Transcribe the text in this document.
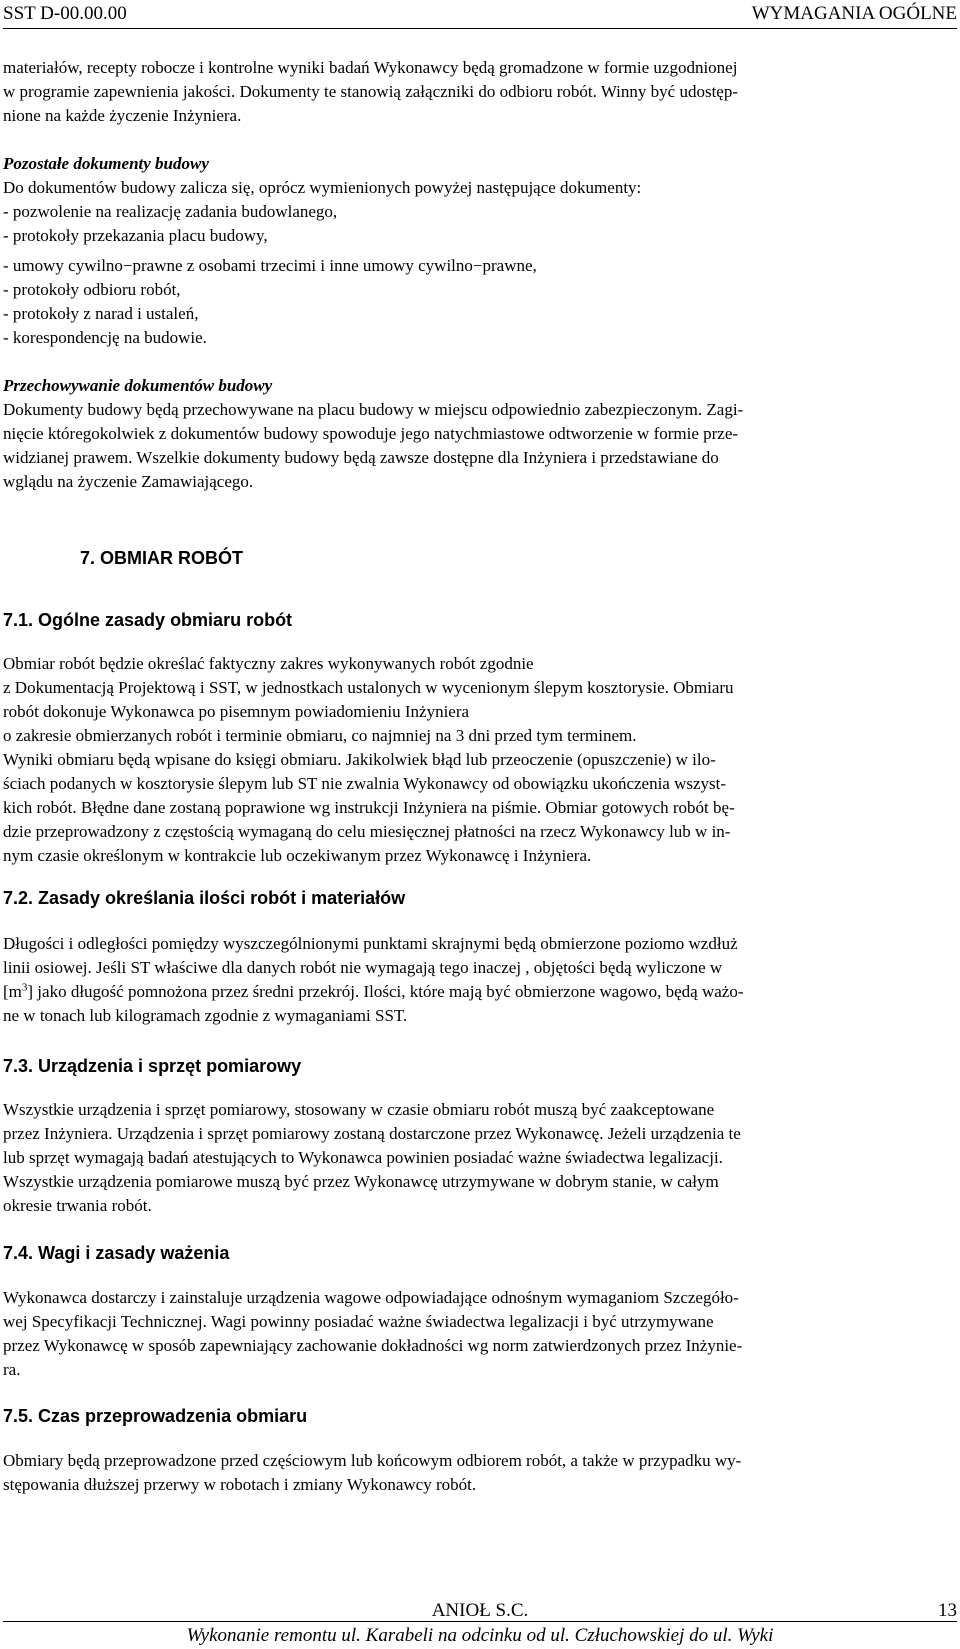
SST D-00.00.00	WYMAGANIA OGÓLNE

materiałów, recepty robocze i kontrolne wyniki badań Wykonawcy będą gromadzone w formie uzgodnionej

w programie zapewnienia jakości. Dokumenty te stanowią załączniki do odbioru robót. Winny być udostęp-

nione na każde życzenie Inżyniera.

Pozostałe dokumenty budowy

Do dokumentów budowy zalicza się, oprócz wymienionych powyżej następujące dokumenty:

- pozwolenie na realizację zadania budowlanego,

- protokoły przekazania placu budowy,

- umowy cywilno−prawne z osobami trzecimi i inne umowy cywilno−prawne,

- protokoły odbioru robót,

- protokoły z narad i ustaleń,

- korespondencję na budowie.

Przechowywanie dokumentów budowy

Dokumenty budowy będą przechowywane na placu budowy w miejscu odpowiednio zabezpieczonym. Zagi-

nięcie któregokolwiek z dokumentów budowy spowoduje jego natychmiastowe odtworzenie w formie prze-

widzianej prawem. Wszelkie dokumenty budowy będą zawsze dostępne dla Inżyniera i przedstawiane do

wglądu na życzenie Zamawiającego.

7. OBMIAR ROBÓT
7.1. Ogólne zasady obmiaru robót

Obmiar robót będzie określać faktyczny zakres wykonywanych robót zgodnie

z Dokumentacją Projektową i SST, w jednostkach ustalonych w wycenionym ślepym kosztorysie. Obmiaru

robót dokonuje Wykonawca po pisemnym powiadomieniu Inżyniera

o zakresie obmierzanych robót i terminie obmiaru, co najmniej na 3 dni przed tym terminem.

Wyniki obmiaru będą wpisane do księgi obmiaru. Jakikolwiek błąd lub przeoczenie (opuszczenie) w ilo-

ściach podanych w kosztorysie ślepym lub ST nie zwalnia Wykonawcy od obowiązku ukończenia wszyst-

kich robót. Błędne dane zostaną poprawione wg instrukcji Inżyniera na piśmie. Obmiar gotowych robót bę-

dzie przeprowadzony z częstością wymaganą do celu miesięcznej płatności na rzecz Wykonawcy lub w in-

nym czasie określonym w kontrakcie lub oczekiwanym przez Wykonawcę i Inżyniera.

7.2. Zasady określania ilości robót i materiałów

Długości i odległości pomiędzy wyszczególnionymi punktami skrajnymi będą obmierzone poziomo wzdłuż

linii osiowej. Jeśli ST właściwe dla danych robót nie wymagają tego inaczej , objętości będą wyliczone w

$[m^3]$ jako długość pomnożona przez średni przekrój. Ilości, które mają być obmierzone wagowo, będą ważo-

ne w tonach lub kilogramach zgodnie z wymaganiami SST.

7.3. Urządzenia i sprzęt pomiarowy

Wszystkie urządzenia i sprzęt pomiarowy, stosowany w czasie obmiaru robót muszą być zaakceptowane

przez Inżyniera. Urządzenia i sprzęt pomiarowy zostaną dostarczone przez Wykonawcę. Jeżeli urządzenia te

lub sprzęt wymagają badań atestujących to Wykonawca powinien posiadać ważne świadectwa legalizacji.

Wszystkie urządzenia pomiarowe muszą być przez Wykonawcę utrzymywane w dobrym stanie, w całym

okresie trwania robót.

7.4. Wagi i zasady ważenia

Wykonawca dostarczy i zainstaluje urządzenia wagowe odpowiadające odnośnym wymaganiom Szczegóło-

wej Specyfikacji Technicznej. Wagi powinny posiadać ważne świadectwa legalizacji i być utrzymywane

przez Wykonawcę w sposób zapewniający zachowanie dokładności wg norm zatwierdzonych przez Inżynie-

ra.

7.5. Czas przeprowadzenia obmiaru

Obmiary będą przeprowadzone przed częściowym lub końcowym odbiorem robót, a także w przypadku wy-

stępowania dłuższej przerwy w robotach i zmiany Wykonawcy robót.

ANIOŁ S.C.	13
Wykonanie remontu ul. Karabeli na odcinku od ul. Człuchowskiej do ul. Wyki
